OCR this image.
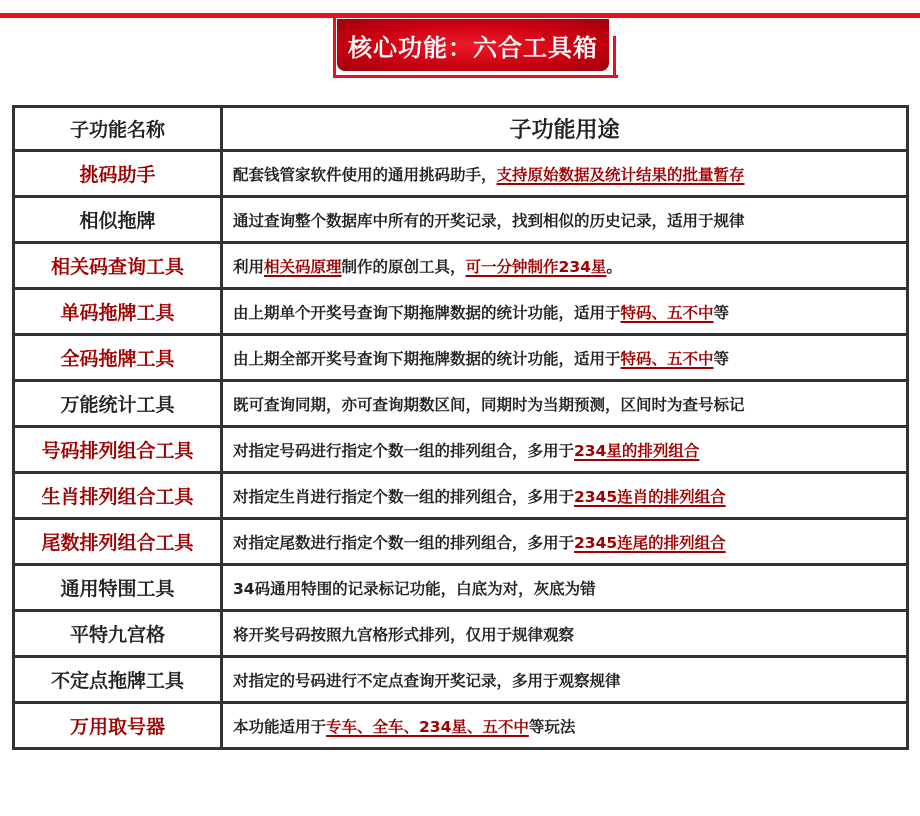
核心功能：六合工具箱
子功能名称	子功能用途
挑码助手	配套钱管家软件使用的通用挑码助手，支持原始数据及统计结果的批量暂存
相似拖牌	通过查询整个数据库中所有的开奖记录，找到相似的历史记录，适用于规律
相关码查询工具	利用相关码原理制作的原创工具，可一分钟制作234星。
单码拖牌工具	由上期单个开奖号查询下期拖牌数据的统计功能，适用于特码、五不中等
全码拖牌工具	由上期全部开奖号查询下期拖牌数据的统计功能，适用于特码、五不中等
万能统计工具	既可查询同期，亦可查询期数区间，同期时为当期预测，区间时为查号标记
号码排列组合工具	对指定号码进行指定个数一组的排列组合，多用于234星的排列组合
生肖排列组合工具	对指定生肖进行指定个数一组的排列组合，多用于2345连肖的排列组合
尾数排列组合工具	对指定尾数进行指定个数一组的排列组合，多用于2345连尾的排列组合
通用特围工具	34码通用特围的记录标记功能，白底为对，灰底为错
平特九宫格	将开奖号码按照九宫格形式排列，仅用于规律观察
不定点拖牌工具	对指定的号码进行不定点查询开奖记录，多用于观察规律
万用取号器	本功能适用于专车、全车、234星、五不中等玩法
